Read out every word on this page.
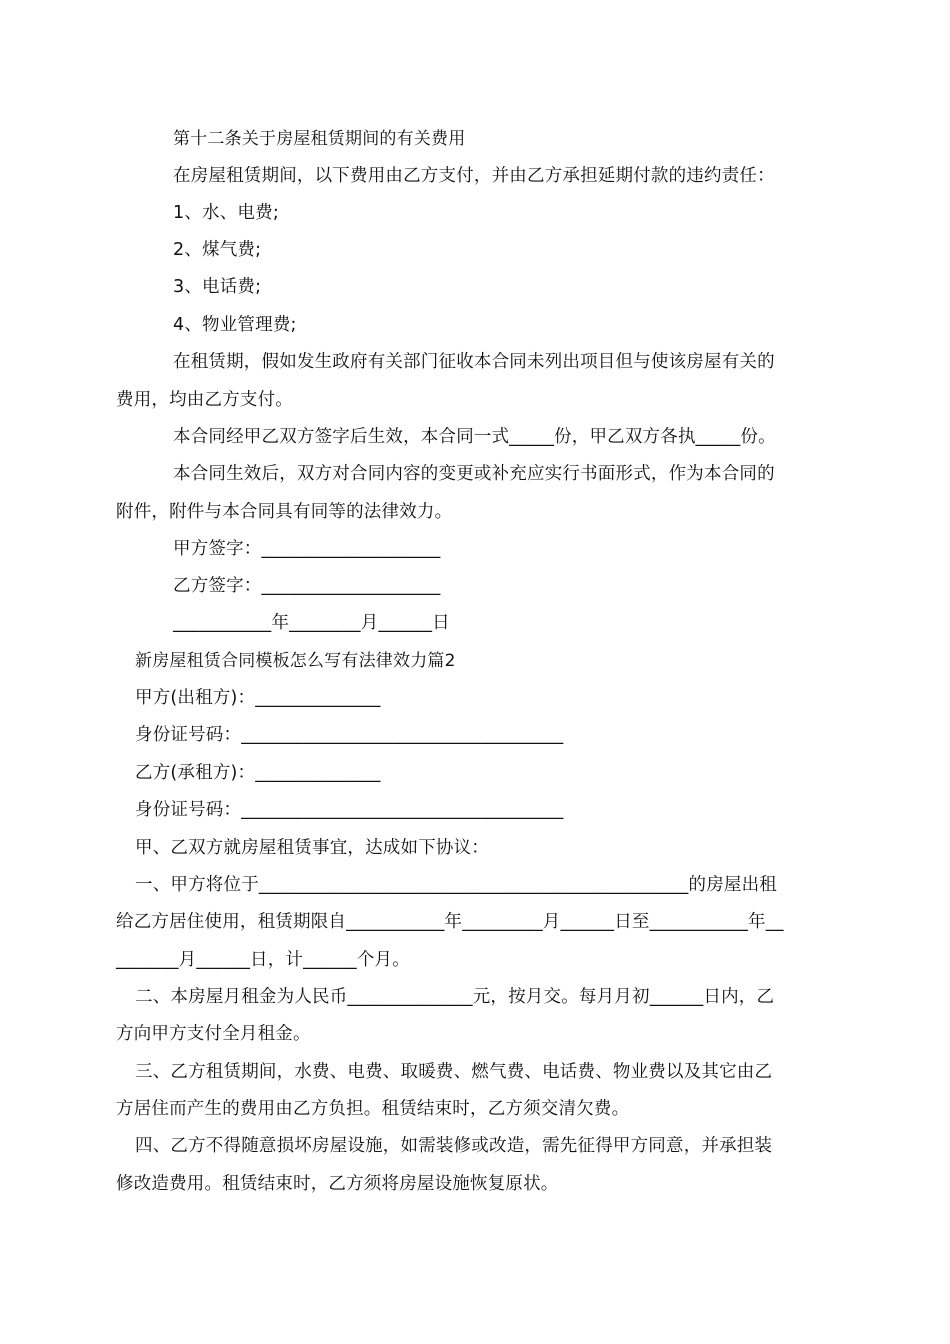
第十二条关于房屋租赁期间的有关费用
在房屋租赁期间，以下费用由乙方支付，并由乙方承担延期付款的违约责任：
1、水、电费;
2、煤气费;
3、电话费;
4、物业管理费;
在租赁期，假如发生政府有关部门征收本合同未列出项目但与使该房屋有关的
费用，均由乙方支付。
本合同经甲乙双方签字后生效，本合同一式_____份，甲乙双方各执_____份。
本合同生效后，双方对合同内容的变更或补充应实行书面形式，作为本合同的
附件，附件与本合同具有同等的法律效力。
甲方签字：____________________
乙方签字：____________________
___________年________月______日
新房屋租赁合同模板怎么写有法律效力篇2
甲方(出租方)：______________
身份证号码：____________________________________
乙方(承租方)：______________
身份证号码：____________________________________
甲、乙双方就房屋租赁事宜，达成如下协议：
一、甲方将位于________________________________________________的房屋出租
给乙方居住使用，租赁期限自___________年_________月______日至___________年__
_______月______日，计______个月。
二、本房屋月租金为人民币______________元，按月交。每月月初______日内，乙
方向甲方支付全月租金。
三、乙方租赁期间，水费、电费、取暖费、燃气费、电话费、物业费以及其它由乙
方居住而产生的费用由乙方负担。租赁结束时，乙方须交清欠费。
四、乙方不得随意损坏房屋设施，如需装修或改造，需先征得甲方同意，并承担装
修改造费用。租赁结束时，乙方须将房屋设施恢复原状。
